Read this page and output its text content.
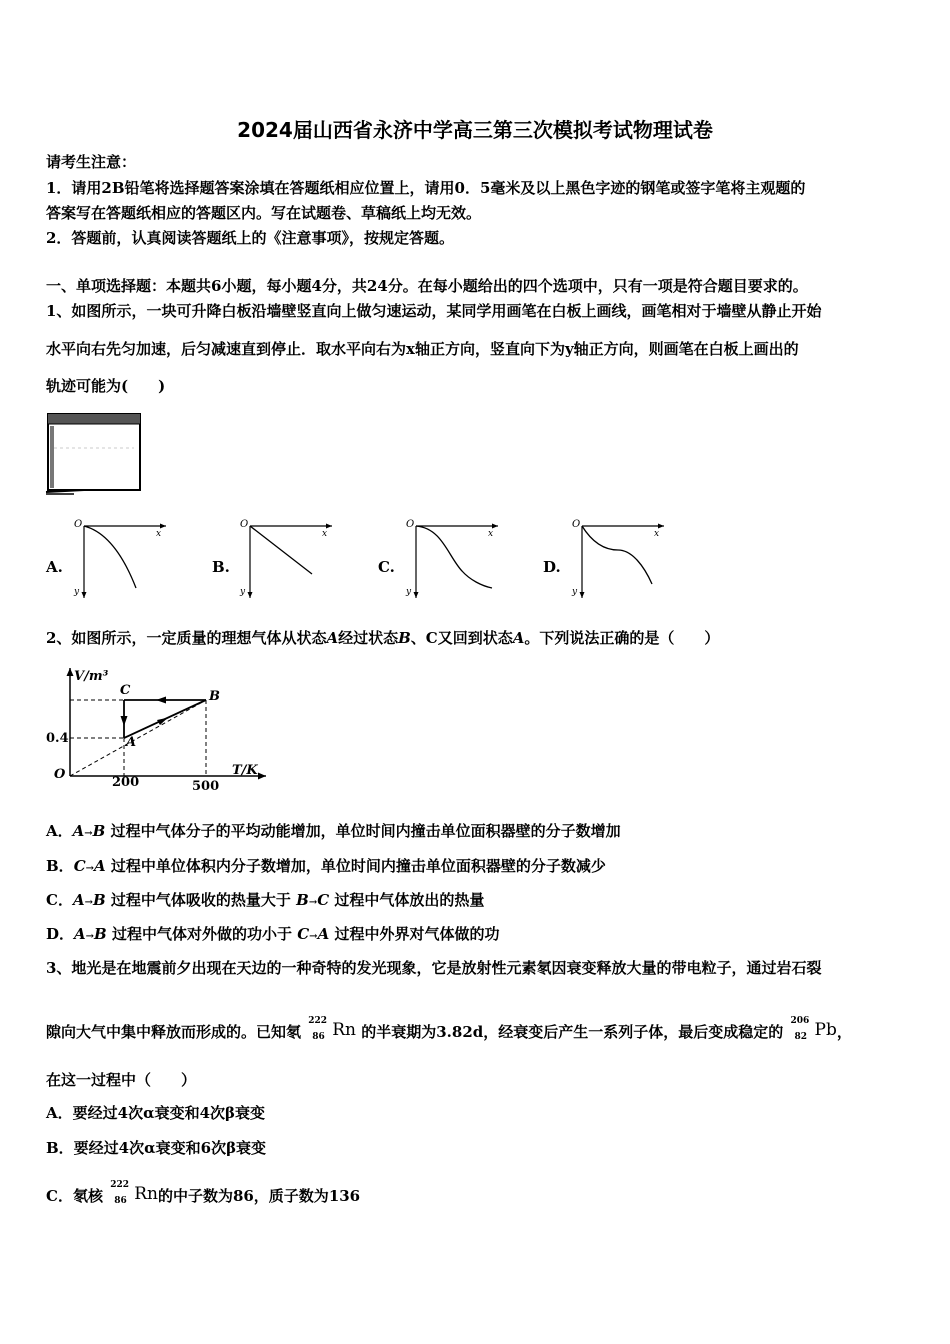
2024届山西省永济中学高三第三次模拟考试物理试卷
请考生注意：
1．请用2B铅笔将选择题答案涂填在答题纸相应位置上，请用0．5毫米及以上黑色字迹的钢笔或签字笔将主观题的
答案写在答题纸相应的答题区内。写在试题卷、草稿纸上均无效。
2．答题前，认真阅读答题纸上的《注意事项》，按规定答题。
一、单项选择题：本题共6小题，每小题4分，共24分。在每小题给出的四个选项中，只有一项是符合题目要求的。
1、如图所示，一块可升降白板沿墙壁竖直向上做匀速运动，某同学用画笔在白板上画线，画笔相对于墙壁从静止开始
水平向右先匀加速，后匀减速直到停止．取水平向右为x轴正方向，竖直向下为y轴正方向，则画笔在白板上画出的
轨迹可能为(　　)
A.
O
x
y
B.
O
x
y
C.
O
x
y
D.
O
x
y
2、如图所示，一定质量的理想气体从状态A经过状态B、C又回到状态A。下列说法正确的是（　　）
V/m³
T/K
O
0.4
200	500
A
B
C
A．A→B 过程中气体分子的平均动能增加，单位时间内撞击单位面积器壁的分子数增加
B．C→A 过程中单位体积内分子数增加，单位时间内撞击单位面积器壁的分子数减少
C．A→B 过程中气体吸收的热量大于 B→C 过程中气体放出的热量
D．A→B 过程中气体对外做的功小于 C→A 过程中外界对气体做的功
3、地光是在地震前夕出现在天边的一种奇特的发光现象，它是放射性元素氡因衰变释放大量的带电粒子，通过岩石裂
隙向大气中集中释放而形成的。已知氡
222
86 Rn 的半衰期为3.82d，经衰变后产生一系列子体，最后变成稳定的
206
82 Pb，
在这一过程中（　　）
A．要经过4次α衰变和4次β衰变
B．要经过4次α衰变和6次β衰变
C．氡核
222
86 Rn的中子数为86，质子数为136
